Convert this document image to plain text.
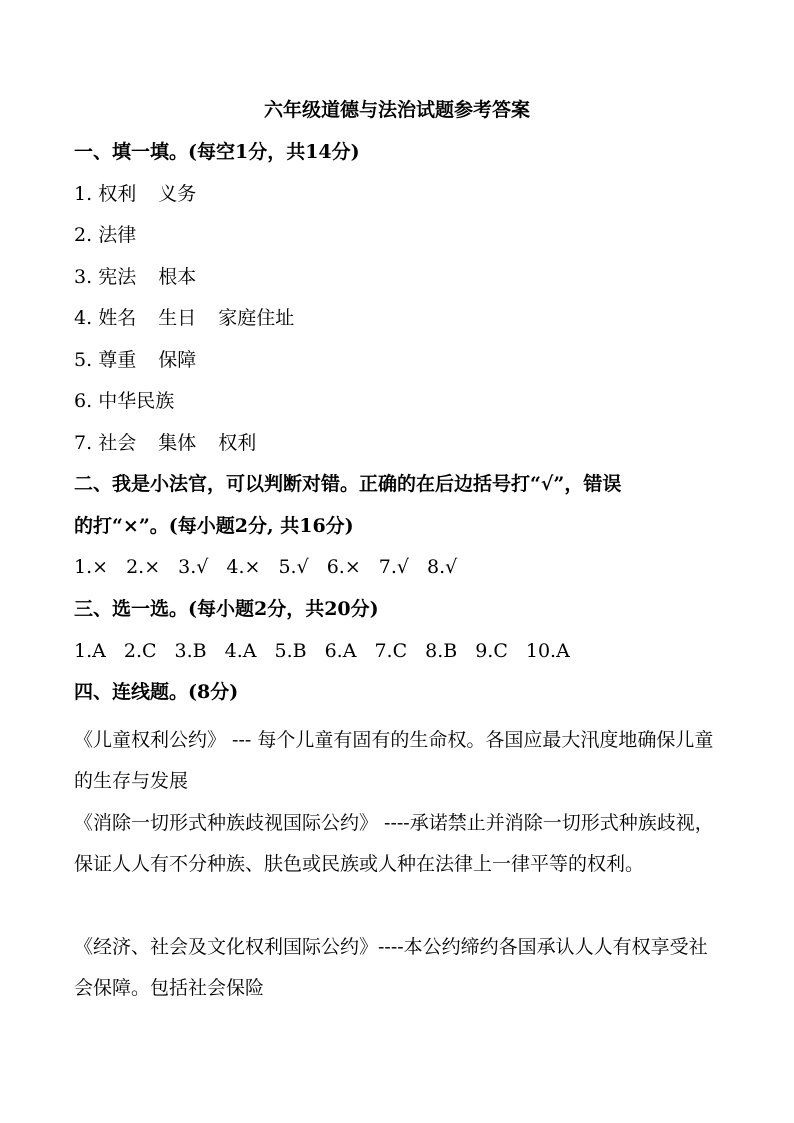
六年级道德与法治试题参考答案
一、填一填。(每空1分，共14分)
1. 权利 义务
2. 法律
3. 宪法 根本
4. 姓名 生日 家庭住址
5. 尊重 保障
6. 中华民族
7. 社会 集体 权利
二、我是小法官，可以判断对错。正确的在后边括号打“√”，错误
的打“×”。(每小题2分, 共16分)
1.× 2.× 3.√ 4.× 5.√ 6.× 7.√ 8.√
三、选一选。(每小题2分，共20分)
1.A 2.C 3.B 4.A 5.B 6.A 7.C 8.B 9.C 10.A
四、连线题。(8分)
《儿童权利公约》 --- 每个儿童有固有的生命权。各国应最大汛度地确保儿童的生存与发展
《消除一切形式种族歧视国际公约》 ----承诺禁止并消除一切形式种族歧视，保证人人有不分种族、肤色或民族或人种在法律上一律平等的权利。
《经济、社会及文化权利国际公约》----本公约缔约各国承认人人有权享受社会保障。包括社会保险
